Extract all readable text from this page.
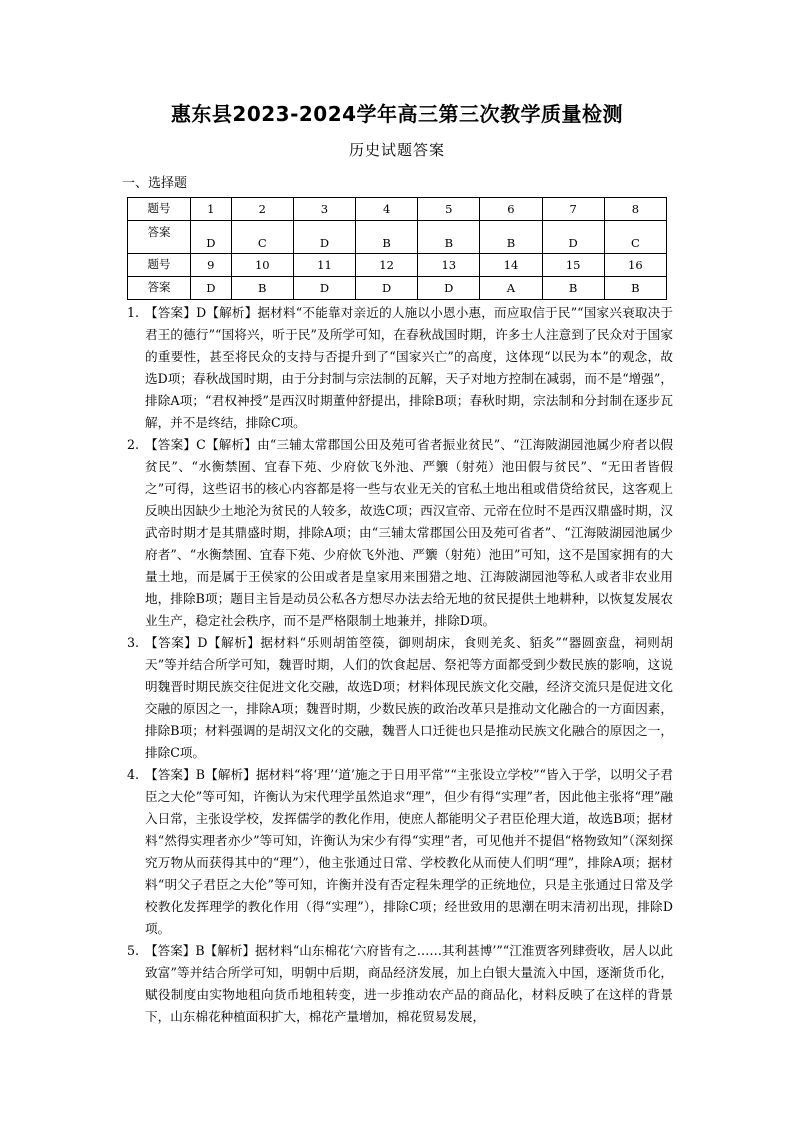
惠东县2023-2024学年高三第三次教学质量检测
历史试题答案
一、选择题
题号	1	2	3	4	5	6	7	8
答案	D	C	D	B	B	B	D	C
题号	9	10	11	12	13	14	15	16
答案	D	B	D	D	D	A	B	B
1. 【答案】D【解析】据材料“不能靠对亲近的人施以小恩小惠，而应取信于民”“国家兴衰取决于君王的德行”“国将兴，听于民”及所学可知，在春秋战国时期，许多士人注意到了民众对于国家的重要性，甚至将民众的支持与否提升到了“国家兴亡”的高度，这体现“以民为本”的观念，故选D项；春秋战国时期，由于分封制与宗法制的瓦解，天子对地方控制在减弱，而不是“增强”，排除A项；“君权神授”是西汉时期董仲舒提出，排除B项；春秋时期，宗法制和分封制在逐步瓦解，并不是终结，排除C项。
2. 【答案】C【解析】由“三辅太常郡国公田及苑可省者振业贫民”、“江海陂湖园池属少府者以假贫民”、“水衡禁囿、宜春下苑、少府佽飞外池、严籞（射苑）池田假与贫民”、“无田者皆假之”可得，这些诏书的核心内容都是将一些与农业无关的官私土地出租或借贷给贫民，这客观上反映出因缺少土地沦为贫民的人较多，故选C项；西汉宣帝、元帝在位时不是西汉鼎盛时期，汉武帝时期才是其鼎盛时期，排除A项；由“三辅太常郡国公田及苑可省者”、“江海陂湖园池属少府者”、“水衡禁囿、宜春下苑、少府佽飞外池、严籞（射苑）池田”可知，这不是国家拥有的大量土地，而是属于王侯家的公田或者是皇家用来围猎之地、江海陂湖园池等私人或者非农业用地，排除B项；题目主旨是动员公私各方想尽办法去给无地的贫民提供土地耕种，以恢复发展农业生产，稳定社会秩序，而不是严格限制土地兼并，排除D项。
3. 【答案】D【解析】据材料“乐则胡笛箜篌，御则胡床，食则羌炙、貊炙”“器圆蛮盘，祠则胡天”等并结合所学可知，魏晋时期，人们的饮食起居、祭祀等方面都受到少数民族的影响，这说明魏晋时期民族交往促进文化交融，故选D项；材料体现民族文化交融，经济交流只是促进文化交融的原因之一，排除A项；魏晋时期，少数民族的政治改革只是推动文化融合的一方面因素，排除B项；材料强调的是胡汉文化的交融，魏晋人口迁徙也只是推动民族文化融合的原因之一，排除C项。
4. 【答案】B【解析】据材料“将‘理’‘道’施之于日用平常”“主张设立学校”“皆入于学，以明父子君臣之大伦”等可知，许衡认为宋代理学虽然追求“理”，但少有得“实理”者，因此他主张将“理”融入日常，主张设学校，发挥儒学的教化作用，使庶人都能明父子君臣伦理大道，故选B项；据材料“然得实理者亦少”等可知，许衡认为宋少有得“实理”者，可见他并不提倡“格物致知”（深刻探究万物从而获得其中的“理”），他主张通过日常、学校教化从而使人们明“理”，排除A项；据材料“明父子君臣之大伦”等可知，许衡并没有否定程朱理学的正统地位，只是主张通过日常及学校教化发挥理学的教化作用（得“实理”），排除C项；经世致用的思潮在明末清初出现，排除D项。
5. 【答案】B【解析】据材料“山东棉花‘六府皆有之……其利甚博’”“江淮贾客列肆赍收，居人以此致富”等并结合所学可知，明朝中后期，商品经济发展，加上白银大量流入中国，逐渐货币化，赋役制度由实物地租向货币地租转变，进一步推动农产品的商品化，材料反映了在这样的背景下，山东棉花种植面积扩大，棉花产量增加，棉花贸易发展，
